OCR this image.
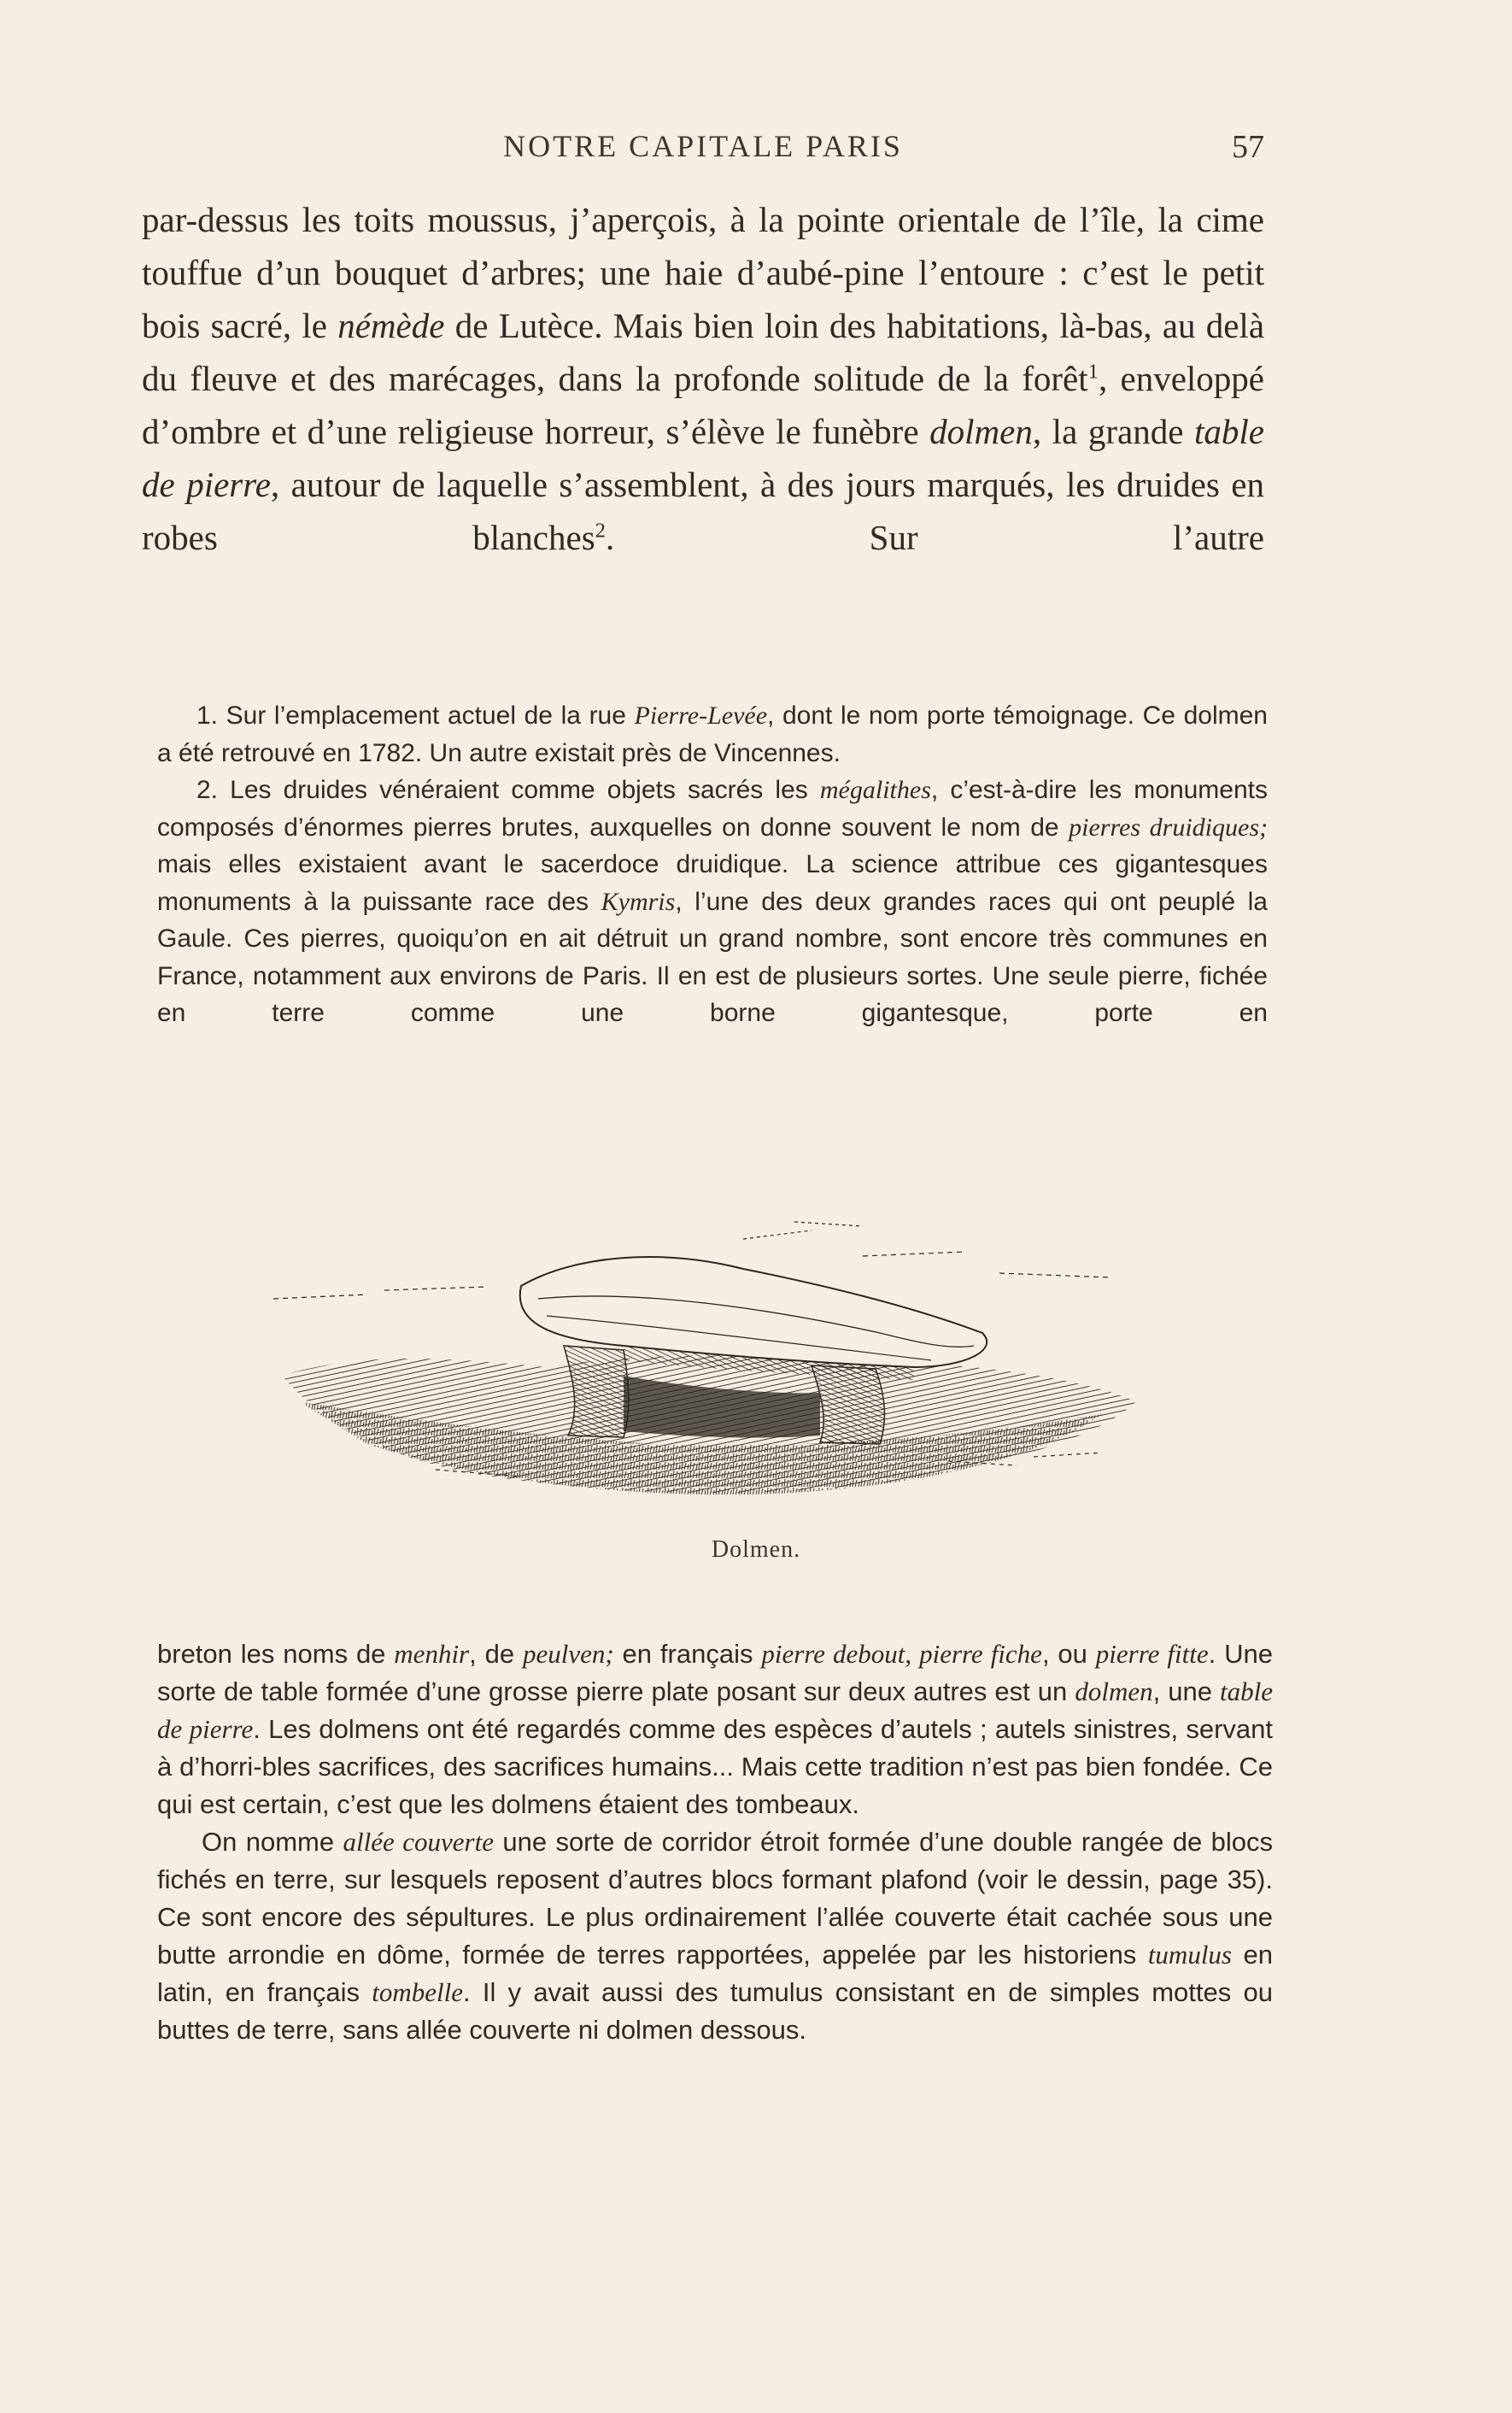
NOTRE CAPITALE PARIS	57

par-dessus les toits moussus, j’aperçois, à la pointe orientale de l’île, la cime touffue d’un bouquet d’arbres; une haie d’aubé-pine l’entoure : c’est le petit bois sacré, le némède de Lutèce. Mais bien loin des habitations, là-bas, au delà du fleuve et des marécages, dans la profonde solitude de la forêt$^1$, enveloppé d’ombre et d’une religieuse horreur, s’élève le funèbre dolmen, la grande table de pierre, autour de laquelle s’assemblent, à des jours marqués, les druides en robes blanches$^2$. Sur l’autre

1. Sur l’emplacement actuel de la rue Pierre-Levée, dont le nom porte témoignage. Ce dolmen a été retrouvé en 1782. Un autre existait près de Vincennes.

2. Les druides vénéraient comme objets sacrés les mégalithes, c’est-à-dire les monuments composés d’énormes pierres brutes, auxquelles on donne souvent le nom de pierres druidiques; mais elles existaient avant le sacerdoce druidique. La science attribue ces gigantesques monuments à la puissante race des Kymris, l’une des deux grandes races qui ont peuplé la Gaule. Ces pierres, quoiqu’on en ait détruit un grand nombre, sont encore très communes en France, notamment aux environs de Paris. Il en est de plusieurs sortes. Une seule pierre, fichée en terre comme une borne gigantesque, porte en

Dolmen.

breton les noms de menhir, de peulven; en français pierre debout, pierre fiche, ou pierre fitte. Une sorte de table formée d’une grosse pierre plate posant sur deux autres est un dolmen, une table de pierre. Les dolmens ont été regardés comme des espèces d’autels ; autels sinistres, servant à d’horri-bles sacrifices, des sacrifices humains... Mais cette tradition n’est pas bien fondée. Ce qui est certain, c’est que les dolmens étaient des tombeaux.

On nomme allée couverte une sorte de corridor étroit formée d’une double rangée de blocs fichés en terre, sur lesquels reposent d’autres blocs formant plafond (voir le dessin, page 35). Ce sont encore des sépultures. Le plus ordinairement l’allée couverte était cachée sous une butte arrondie en dôme, formée de terres rapportées, appelée par les historiens tumulus en latin, en français tombelle. Il y avait aussi des tumulus consistant en de simples mottes ou buttes de terre, sans allée couverte ni dolmen dessous.
